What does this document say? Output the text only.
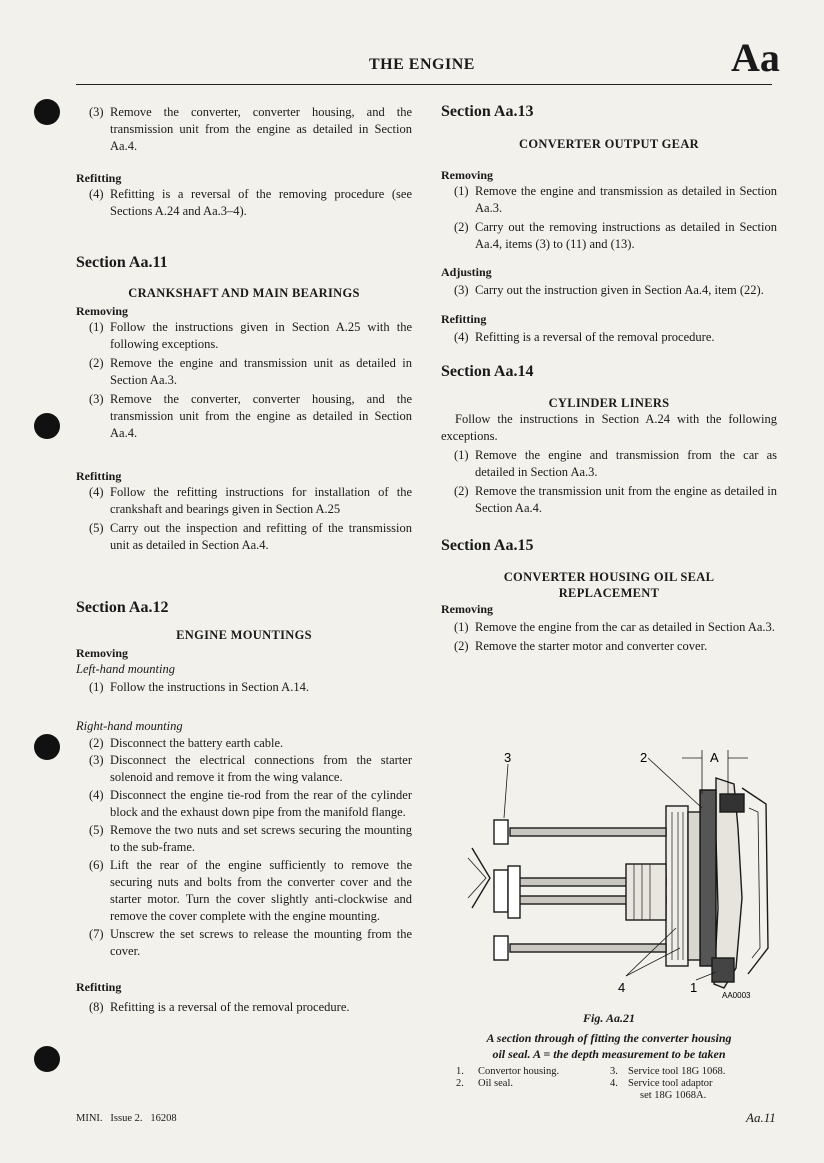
THE ENGINE	Aa

(3) Remove the converter, converter housing, and the transmission unit from the engine as detailed in Section Aa.4.

Refitting

(4) Refitting is a reversal of the removing procedure (see Sections A.24 and Aa.3–4).

Section Aa.11

CRANKSHAFT AND MAIN BEARINGS

Removing

(1) Follow the instructions given in Section A.25 with the following exceptions.

(2) Remove the engine and transmission unit as detailed in Section Aa.3.

(3) Remove the converter, converter housing, and the transmission unit from the engine as detailed in Section Aa.4.

Refitting

(4) Follow the refitting instructions for installation of the crankshaft and bearings given in Section A.25

(5) Carry out the inspection and refitting of the transmission unit as detailed in Section Aa.4.

Section Aa.12

ENGINE MOUNTINGS

Removing

Left-hand mounting

(1) Follow the instructions in Section A.14.

Right-hand mounting

(2) Disconnect the battery earth cable.

(3) Disconnect the electrical connections from the starter solenoid and remove it from the wing valance.

(4) Disconnect the engine tie-rod from the rear of the cylinder block and the exhaust down pipe from the manifold flange.

(5) Remove the two nuts and set screws securing the mounting to the sub-frame.

(6) Lift the rear of the engine sufficiently to remove the securing nuts and bolts from the converter cover and the starter motor. Turn the cover slightly anti-clockwise and remove the cover complete with the engine mounting.

(7) Unscrew the set screws to release the mounting from the cover.

Refitting

(8) Refitting is a reversal of the removal procedure.

Section Aa.13

CONVERTER OUTPUT GEAR

Removing

(1) Remove the engine and transmission as detailed in Section Aa.3.

(2) Carry out the removing instructions as detailed in Section Aa.4, items (3) to (11) and (13).

Adjusting

(3) Carry out the instruction given in Section Aa.4, item (22).

Refitting

(4) Refitting is a reversal of the removal procedure.

Section Aa.14

CYLINDER LINERS

Follow the instructions in Section A.24 with the following exceptions.

(1) Remove the engine and transmission from the car as detailed in Section Aa.3.

(2) Remove the transmission unit from the engine as detailed in Section Aa.4.

Section Aa.15

CONVERTER HOUSING OIL SEAL

REPLACEMENT

Removing

(1) Remove the engine from the car as detailed in Section Aa.3.

(2) Remove the starter motor and converter cover.

3	2	A
4	1
AA0003
Fig. Aa.21
A section through of fitting the converter housing
oil seal. A = the depth measurement to be taken
1. Convertor housing.	3. Service tool 18G 1068.
2. Oil seal.	4. Service tool adaptor
set 18G 1068A.
MINI.   Issue 2.   16208	Aa.11
